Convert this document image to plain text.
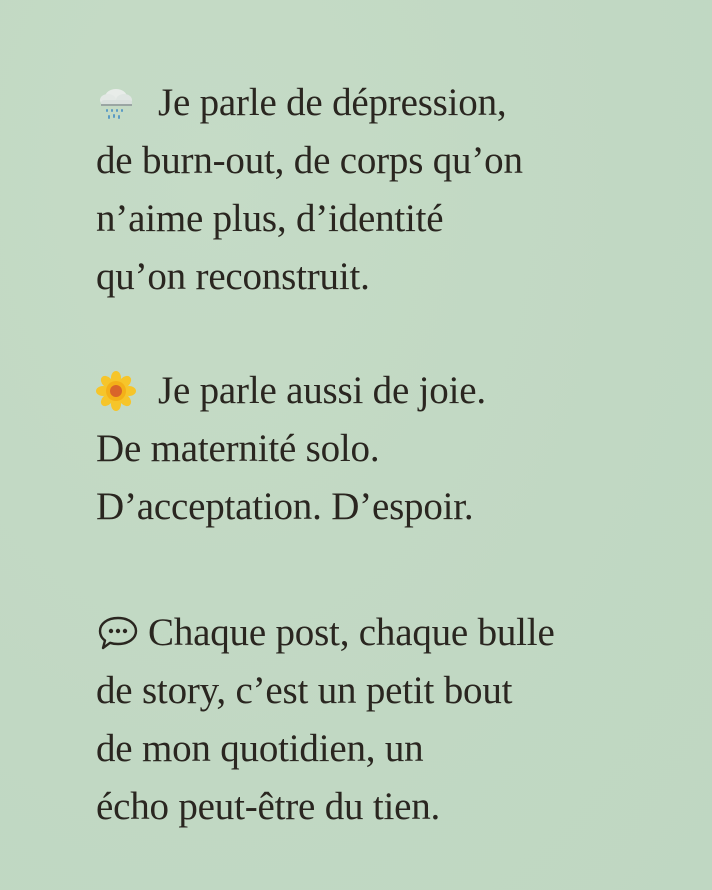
Je parle de dépression,
de burn-out, de corps qu’on
n’aime plus, d’identité
qu’on reconstruit.
Je parle aussi de joie.
De maternité solo.
D’acceptation. D’espoir.
Chaque post, chaque bulle
de story, c’est un petit bout
de mon quotidien, un
écho peut-être du tien.
